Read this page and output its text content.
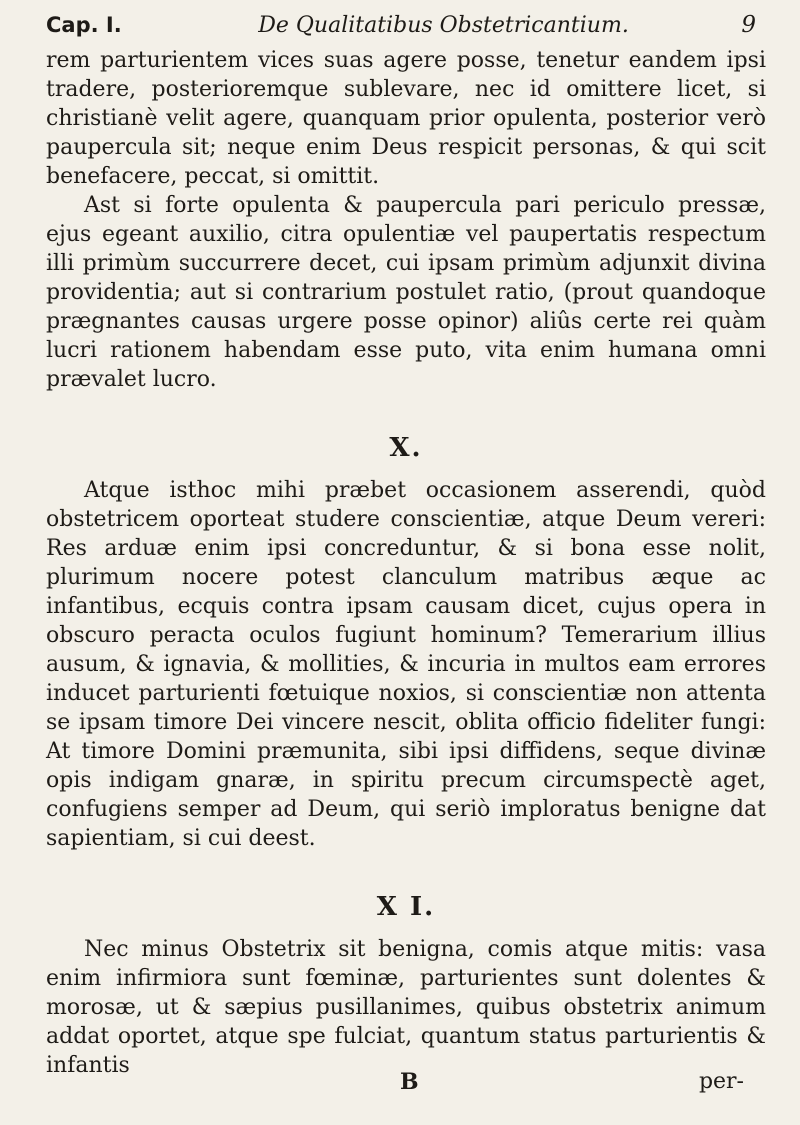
Cap. I.	De Qualitatibus Obstetricantium.	9

rem parturientem vices suas agere posse, tenetur eandem ipsi tradere, posterioremque sublevare, nec id omittere licet, si christianè velit agere, quanquam prior opulenta, posterior verò paupercula sit; neque enim Deus respicit personas, & qui scit benefacere, peccat, si omittit.

Ast si forte opulenta & paupercula pari periculo pressæ, ejus egeant auxilio, citra opulentiæ vel paupertatis respectum illi primùm succurrere decet, cui ipsam primùm adjunxit divina providentia; aut si contrarium postulet ratio, (prout quandoque prægnantes causas urgere posse opinor) aliûs certe rei quàm lucri rationem habendam esse puto, vita enim humana omni prævalet lucro.

X.

Atque isthoc mihi præbet occasionem asserendi, quòd obstetricem oporteat studere conscientiæ, atque Deum vereri: Res arduæ enim ipsi concreduntur, & si bona esse nolit, plurimum nocere potest clanculum matribus æque ac infantibus, ecquis contra ipsam causam dicet, cujus opera in obscuro peracta oculos fugiunt hominum? Temerarium illius ausum, & ignavia, & mollities, & incuria in multos eam errores inducet parturienti fœtuique noxios, si conscientiæ non attenta se ipsam timore Dei vincere nescit, oblita officio fideliter fungi: At timore Domini præmunita, sibi ipsi diffidens, seque divinæ opis indigam gnaræ, in spiritu precum circumspectè aget, confugiens semper ad Deum, qui seriò imploratus benigne dat sapientiam, si cui deest.

X I.

Nec minus Obstetrix sit benigna, comis atque mitis: vasa enim infirmiora sunt fœminæ, parturientes sunt dolentes & morosæ, ut & sæpius pusillanimes, quibus obstetrix animum addat oportet, atque spe fulciat, quantum status parturientis & infantis

B	per-
